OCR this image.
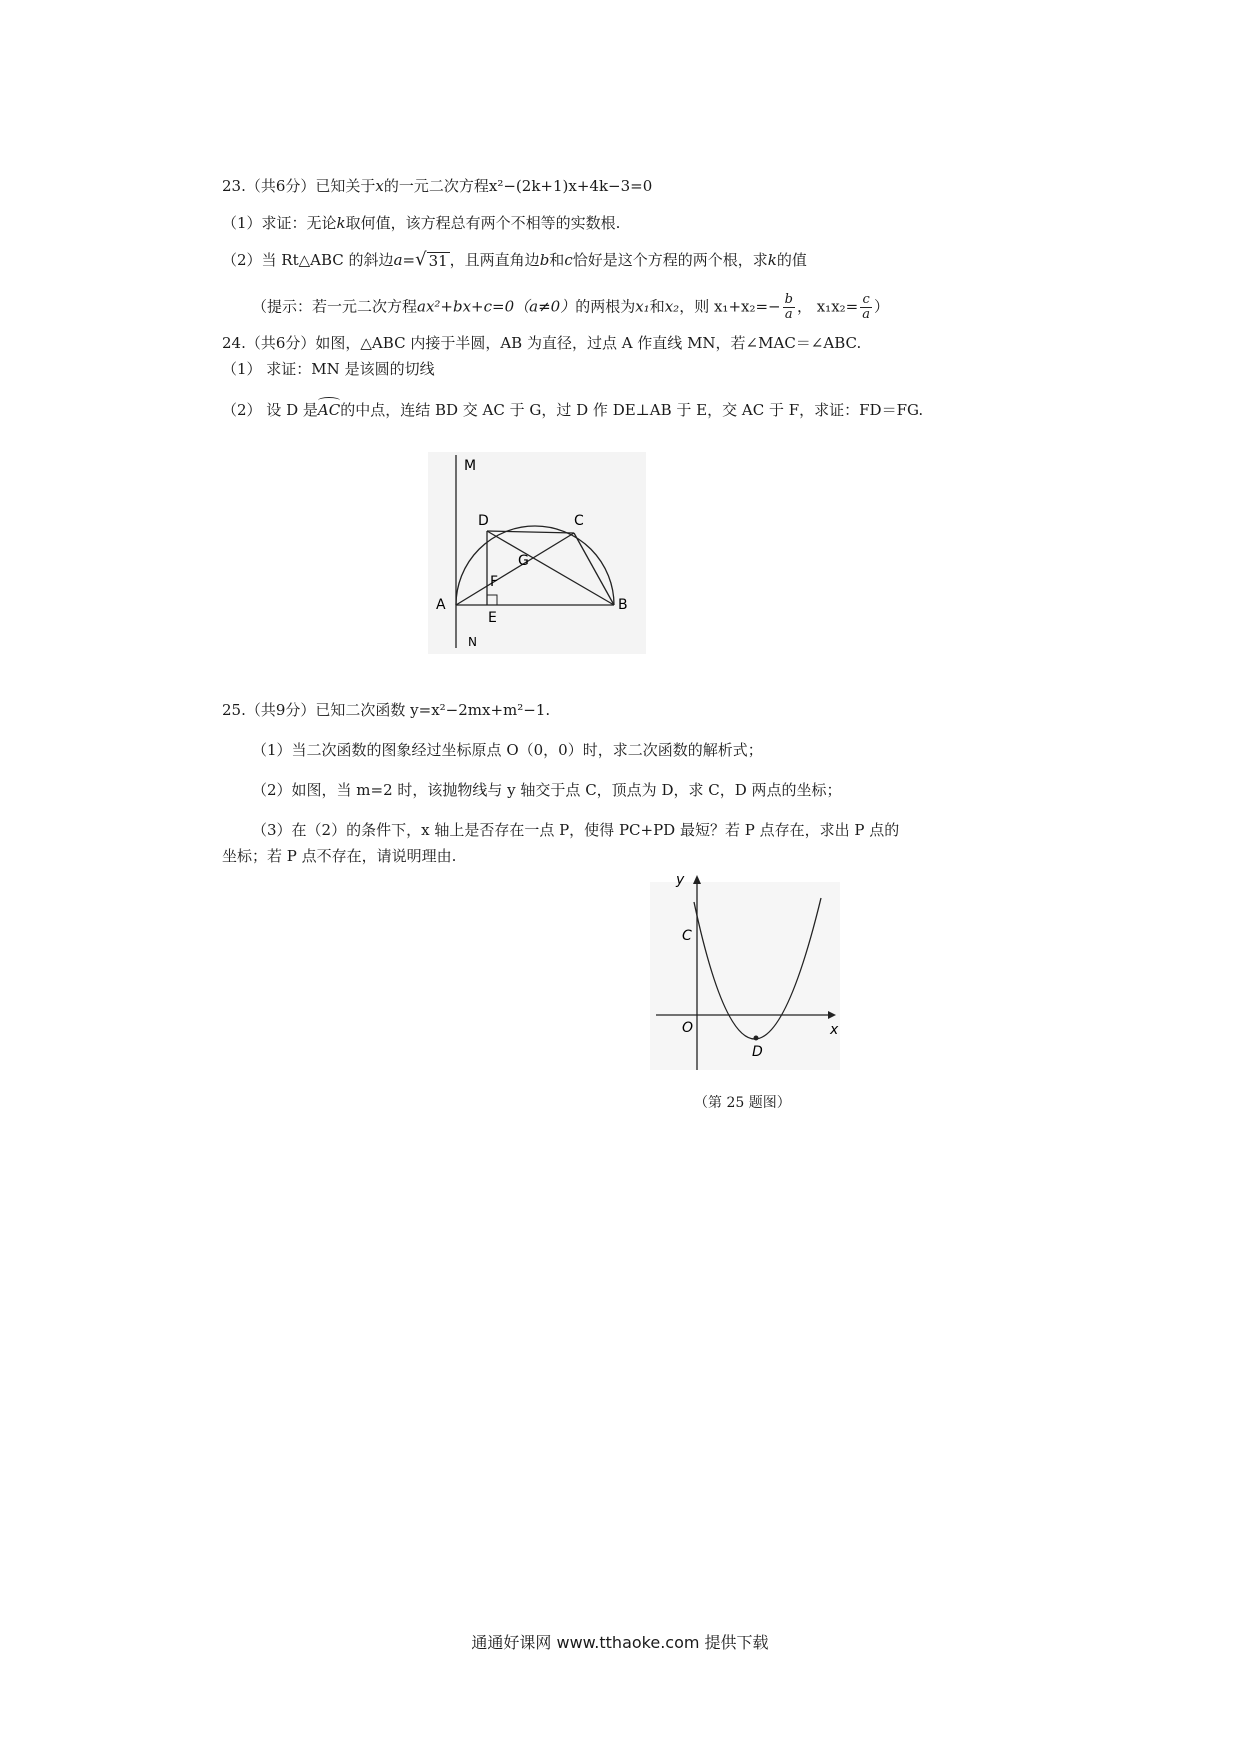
23.（共6分）已知关于x的一元二次方程x²−(2k+1)x+4k−3=0
（1）求证：无论k取何值，该方程总有两个不相等的实数根.
（2）当 Rt△ABC 的斜边a= √ 31 ，且两直角边b和c恰好是这个方程的两个根，求k的值
（提示：若一元二次方程ax²+bx+c=0（a≠0）的两根为x₁和x₂，则 $x_1+x_2=- \frac{b}{a}$ ， $x_1x_2= \frac{c}{a}$ ）
24.（共6分）如图，△ABC 内接于半圆，AB 为直径，过点 A 作直线 MN，若∠MAC＝∠ABC.
（1） 求证：MN 是该圆的切线
（2） 设 D 是AC的中点，连结 BD 交 AC 于 G，过 D 作 DE⊥AB 于 E，交 AC 于 F，求证：FD＝FG.
M
N
A	B
C
D
E
F
G
25.（共9分）已知二次函数 y=x²−2mx+m²−1.
（1）当二次函数的图象经过坐标原点 O（0，0）时，求二次函数的解析式；
（2）如图，当 m=2 时，该抛物线与 y 轴交于点 C，顶点为 D，求 C，D 两点的坐标；
（3）在（2）的条件下，x 轴上是否存在一点 P，使得 PC+PD 最短？若 P 点存在，求出 P 点的
坐标；若 P 点不存在，请说明理由.
y
x
O
C
D
（第 25 题图）
通通好课网 www.tthaoke.com 提供下载
